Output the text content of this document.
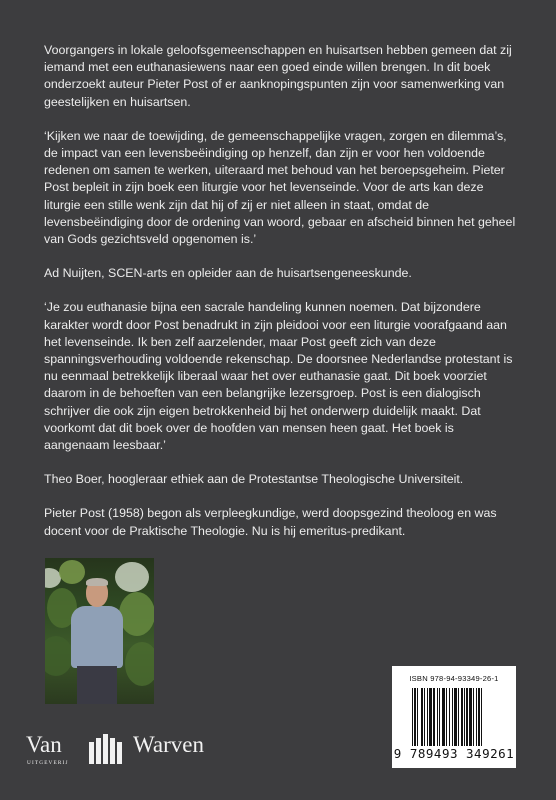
Voorgangers in lokale geloofsgemeenschappen en huisartsen hebben gemeen dat zij iemand met een euthanasiewens naar een goed einde willen brengen. In dit boek onderzoekt auteur Pieter Post of er aanknopingspunten zijn voor samenwerking van geestelijken en huisartsen.

‘Kijken we naar de toewijding, de gemeenschappelijke vragen, zorgen en dilemma’s, de impact van een levensbeëindiging op henzelf, dan zijn er voor hen voldoende redenen om samen te werken, uiteraard met behoud van het beroepsgeheim. Pieter Post bepleit in zijn boek een liturgie voor het levenseinde. Voor de arts kan deze liturgie een stille wenk zijn dat hij of zij er niet alleen in staat, omdat de levensbeëindiging door de ordening van woord, gebaar en afscheid binnen het geheel van Gods gezichtsveld opgenomen is.’

Ad Nuijten, SCEN-arts en opleider aan de huisartsengeneeskunde.

‘Je zou euthanasie bijna een sacrale handeling kunnen noemen. Dat bijzondere karakter wordt door Post benadrukt in zijn pleidooi voor een liturgie voorafgaand aan het levenseinde. Ik ben zelf aarzelender, maar Post geeft zich van deze spanningsverhouding voldoende rekenschap. De doorsnee Nederlandse protestant is nu eenmaal betrekkelijk liberaal waar het over euthanasie gaat. Dit boek voorziet daarom in de behoeften van een belangrijke lezersgroep. Post is een dialogisch schrijver die ook zijn eigen betrokkenheid bij het onderwerp duidelijk maakt. Dat voorkomt dat dit boek over de hoofden van mensen heen gaat. Het boek is aangenaam leesbaar.’

Theo Boer, hoogleraar ethiek aan de Protestantse Theologische Universiteit.

Pieter Post (1958) begon als verpleegkundige, werd doopsgezind theoloog en was docent voor de Praktische Theologie. Nu is hij emeritus-predikant.

Van	Warven
UITGEVERIJ
ISBN 978-94-93349-26-1
9 789493 349261
